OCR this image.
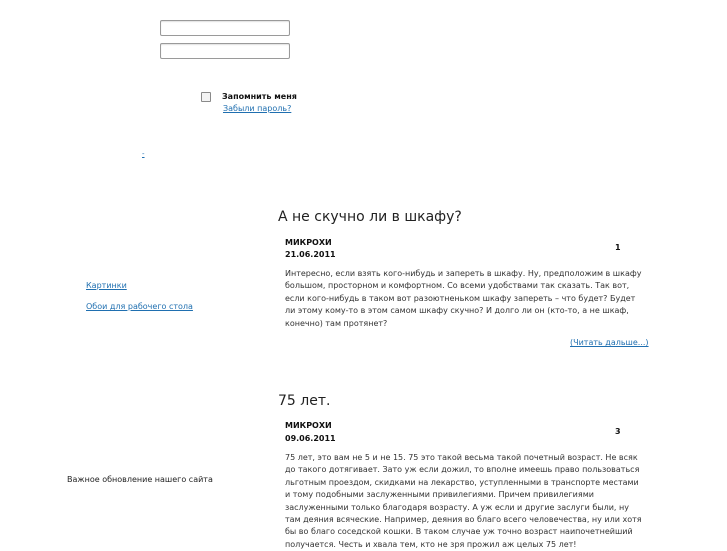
Запомнить меня
Забыли пароль?
-
Картинки
Обои для рабочего стола
Важное обновление нашего сайта
А не скучно ли в шкафу?
МИКРОХИ
21.06.2011
1
Интересно, если взять кого-нибудь и запереть в шкафу. Ну, предположим в шкафу большом, просторном и комфортном. Со всеми удобствами так сказать. Так вот, если кого-нибудь в таком вот разоютненьком шкафу запереть – что будет? Будет ли этому кому-то в этом самом шкафу скучно? И долго ли он (кто-то, а не шкаф, конечно) там протянет?
(Читать дальше...)
75 лет.
МИКРОХИ
09.06.2011
3
75 лет, это вам не 5 и не 15. 75 это такой весьма такой почетный возраст. Не всяк до такого дотягивает. Зато уж если дожил, то вполне имеешь право пользоваться льготным проездом, скидками на лекарство, уступленными в транспорте местами и тому подобными заслуженными привилегиями. Причем привилегиями заслуженными только благодаря возрасту. А уж если и другие заслуги были, ну там деяния всяческие. Например, деяния во благо всего человечества, ну или хотя бы во благо соседской кошки. В таком случае уж точно возраст наипочетнейший получается. Честь и хвала тем, кто не зря прожил аж целых 75 лет!
